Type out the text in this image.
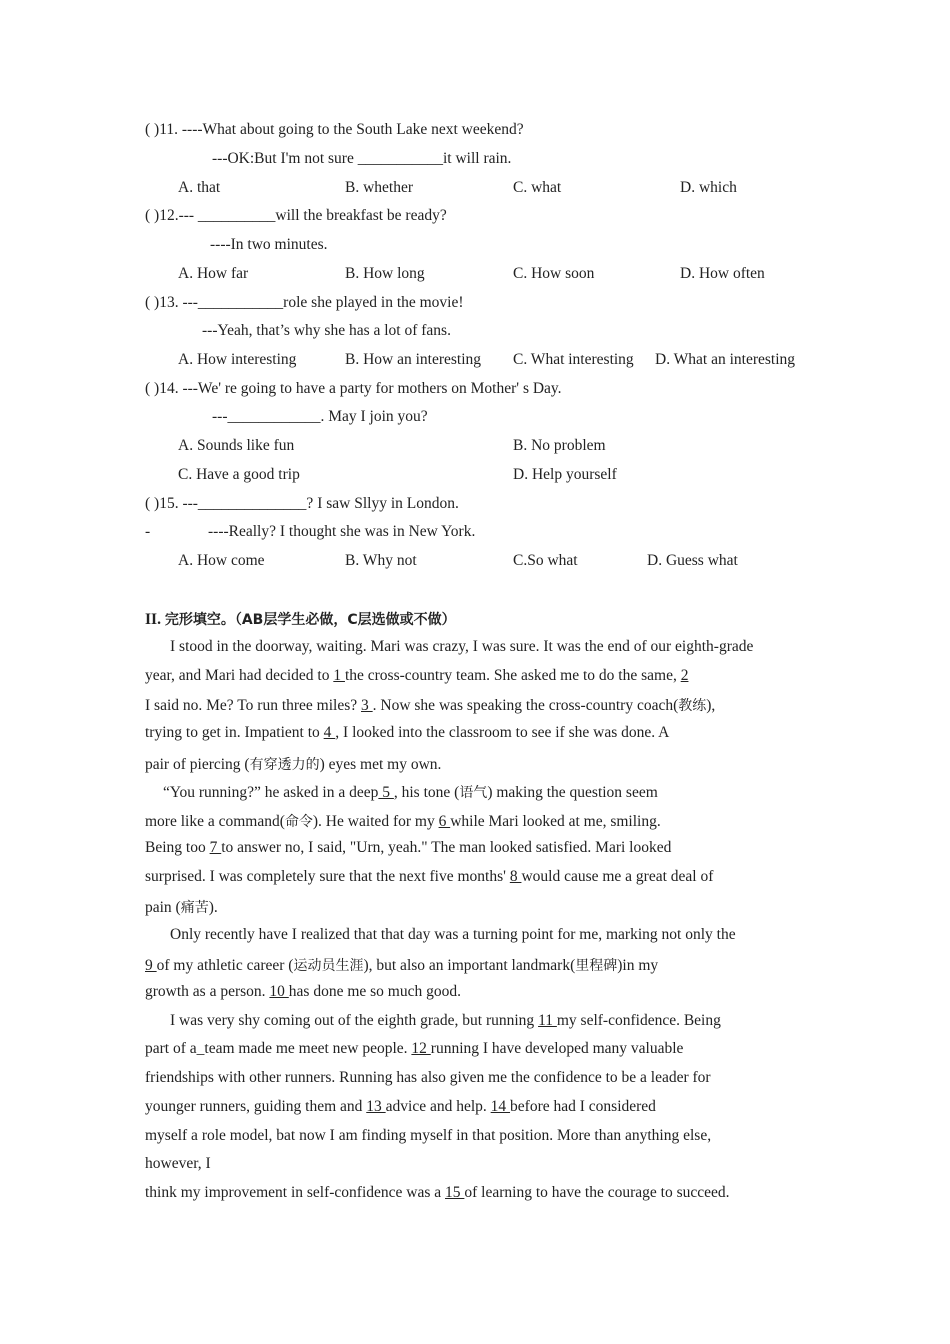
( )11. ----What about going to the South Lake next weekend?
---OK:But I'm not sure ___________it will rain.
A. that	B. whether	C. what	D. which
( )12.--- __________will the breakfast be ready?
----In two minutes.
A. How far	B. How long	C. How soon	D. How often
( )13. ---___________role she played in the movie!
---Yeah, that’s why she has a lot of fans.
A. How interesting	B. How an interesting C. What interesting D. What an interesting
( )14. ---We' re going to have a party for mothers on Mother' s Day.
---____________. May I join you?
A. Sounds like fun	B. No problem
C. Have a good trip	D. Help yourself
( )15. ---______________? I saw Sllyy in London.
-	----Really? I thought she was in New York.
A. How come	B. Why not	C.So what	D. Guess what
II. 完形填空。（AB层学生必做，C层选做或不做）
I stood in the doorway, waiting. Mari was crazy, I was sure. It was the end of our eighth-grade
year, and Mari had decided to 1 the cross-country team. She asked me to do the same, 2
I said no. Me? To run three miles? 3 . Now she was speaking the cross-country coach(教练),
trying to get in. Impatient to 4 , I looked into the classroom to see if she was done. A
pair of piercing (有穿透力的) eyes met my own.
“You running?” he asked in a deep 5 , his tone (语气) making the question seem
more like a command(命令). He waited for my 6 while Mari looked at me, smiling.
Being too 7 to answer no, I said, "Urn, yeah." The man looked satisfied. Mari looked
surprised. I was completely sure that the next five months' 8 would cause me a great deal of
pain (痛苦).
Only recently have I realized that that day was a turning point for me, marking not only the
9 of my athletic career (运动员生涯), but also an important landmark(里程碑)in my
growth as a person. 10 has done me so much good.
I was very shy coming out of the eighth grade, but running 11 my self-confidence. Being
part of a_team made me meet new people. 12 running I have developed many valuable
friendships with other runners. Running has also given me the confidence to be a leader for
younger runners, guiding them and 13 advice and help. 14 before had I considered
myself a role model, bat now I am finding myself in that position. More than anything else,
however, I
think my improvement in self-confidence was a 15 of learning to have the courage to succeed.
